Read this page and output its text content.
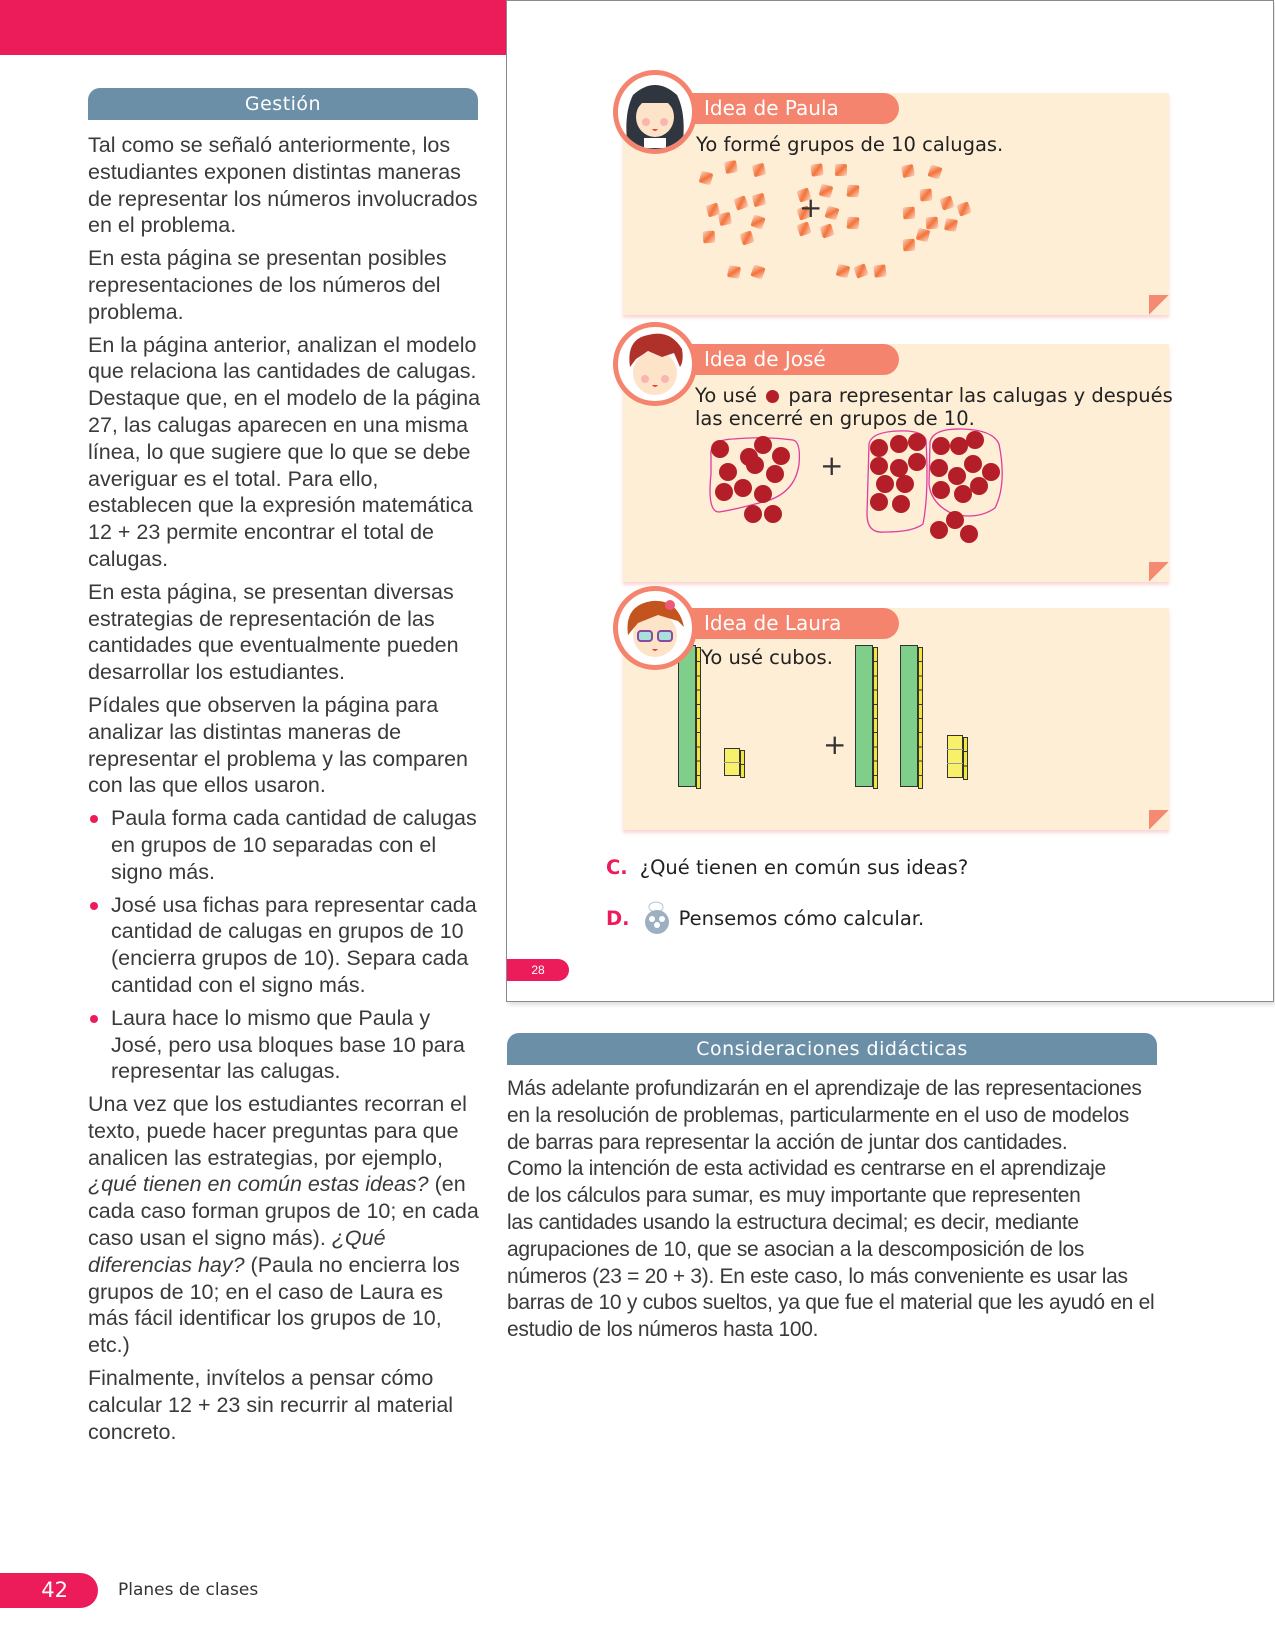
Gestión

Tal como se señaló anteriormente, los estudiantes exponen distintas maneras de representar los números involucrados en el problema.

En esta página se presentan posibles representaciones de los números del problema.

En la página anterior, analizan el modelo que relaciona las cantidades de calugas. Destaque que, en el modelo de la página 27, las calugas aparecen en una misma línea, lo que sugiere que lo que se debe averiguar es el total. Para ello, establecen que la expresión matemática 12 + 23 permite encontrar el total de calugas.

En esta página, se presentan diversas estrategias de representación de las cantidades que eventualmente pueden desarrollar los estudiantes.

Pídales que observen la página para analizar las distintas maneras de representar el problema y las comparen con las que ellos usaron.

Paula forma cada cantidad de calugas en grupos de 10 separadas con el signo más.
José usa fichas para representar cada cantidad de calugas en grupos de 10 (encierra grupos de 10). Separa cada cantidad con el signo más.
Laura hace lo mismo que Paula y José, pero usa bloques base 10 para representar las calugas.

Una vez que los estudiantes recorran el texto, puede hacer preguntas para que analicen las estrategias, por ejemplo, ¿qué tienen en común estas ideas? (en cada caso forman grupos de 10; en cada caso usan el signo más). ¿Qué diferencias hay? (Paula no encierra los grupos de 10; en el caso de Laura es más fácil identificar los grupos de 10, etc.)

Finalmente, invítelos a pensar cómo calcular 12 + 23 sin recurrir al material concreto.

Idea de Paula
Yo formé grupos de 10 calugas.
+
Idea de José
Yo usé para representar las calugas y después
las encerré en grupos de 10.
+
Idea de Laura
Yo usé cubos.
+
C. ¿Qué tienen en común sus ideas?
D.	Pensemos cómo calcular.
28
Consideraciones didácticas
Más adelante profundizarán en el aprendizaje de las representaciones
en la resolución de problemas, particularmente en el uso de modelos
de barras para representar la acción de juntar dos cantidades.
Como la intención de esta actividad es centrarse en el aprendizaje
de los cálculos para sumar, es muy importante que representen
las cantidades usando la estructura decimal; es decir, mediante
agrupaciones de 10, que se asocian a la descomposición de los
números (23 = 20 + 3). En este caso, lo más conveniente es usar las
barras de 10 y cubos sueltos, ya que fue el material que les ayudó en el
estudio de los números hasta 100.
42	Planes de clases
